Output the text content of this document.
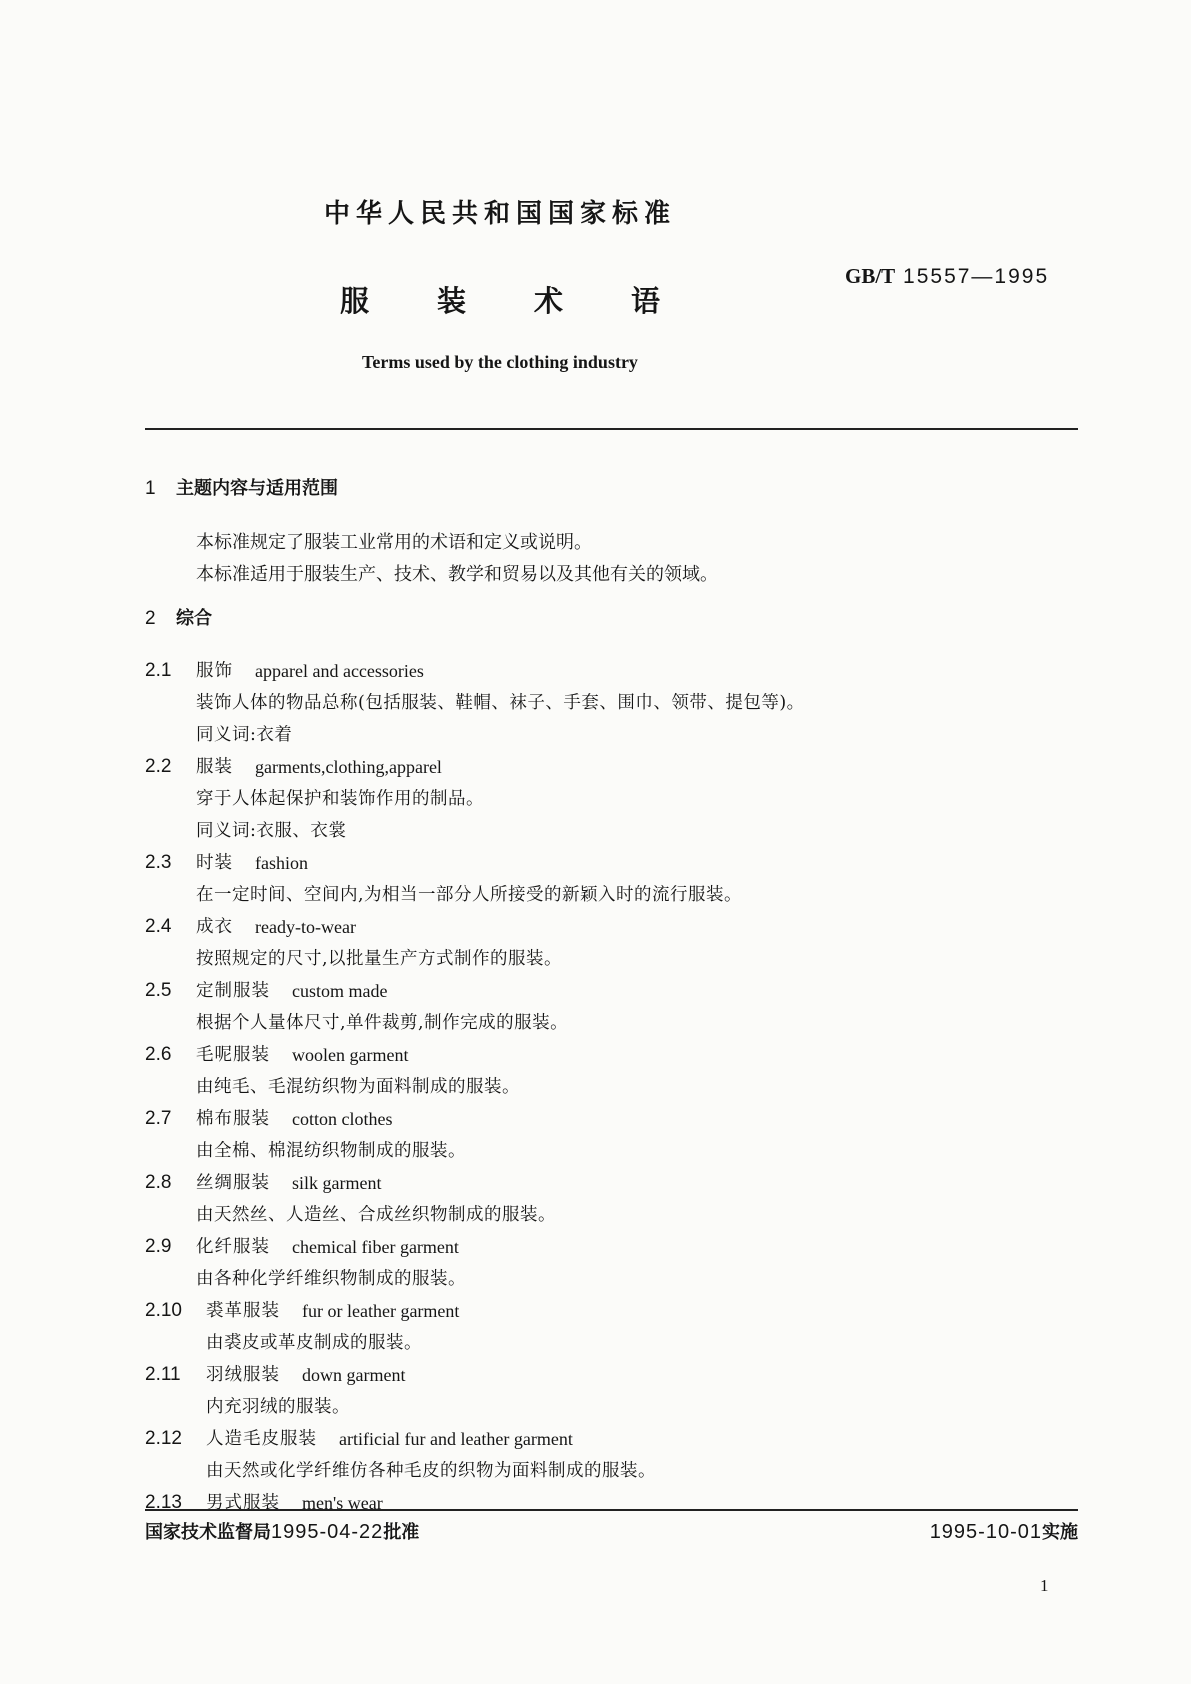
中华人民共和国国家标准
GB/T 15557—1995
服装术语
Terms used by the clothing industry
1 主题内容与适用范围
本标准规定了服装工业常用的术语和定义或说明。
本标准适用于服装生产、技术、教学和贸易以及其他有关的领域。
2 综合
2.1	服饰 apparel and accessories
装饰人体的物品总称(包括服装、鞋帽、袜子、手套、围巾、领带、提包等)。
同义词:衣着
2.2	服装 garments,clothing,apparel
穿于人体起保护和装饰作用的制品。
同义词:衣服、衣裳
2.3	时装 fashion
在一定时间、空间内,为相当一部分人所接受的新颖入时的流行服装。
2.4	成衣 ready-to-wear
按照规定的尺寸,以批量生产方式制作的服装。
2.5	定制服装 custom made
根据个人量体尺寸,单件裁剪,制作完成的服装。
2.6	毛呢服装 woolen garment
由纯毛、毛混纺织物为面料制成的服装。
2.7	棉布服装 cotton clothes
由全棉、棉混纺织物制成的服装。
2.8	丝绸服装 silk garment
由天然丝、人造丝、合成丝织物制成的服装。
2.9	化纤服装 chemical fiber garment
由各种化学纤维织物制成的服装。
2.10	裘革服装 fur or leather garment
由裘皮或革皮制成的服装。
2.11	羽绒服装 down garment
内充羽绒的服装。
2.12	人造毛皮服装 artificial fur and leather garment
由天然或化学纤维仿各种毛皮的织物为面料制成的服装。
2.13	男式服装 men's wear
国家技术监督局1995-04-22批准	1995-10-01实施
1
